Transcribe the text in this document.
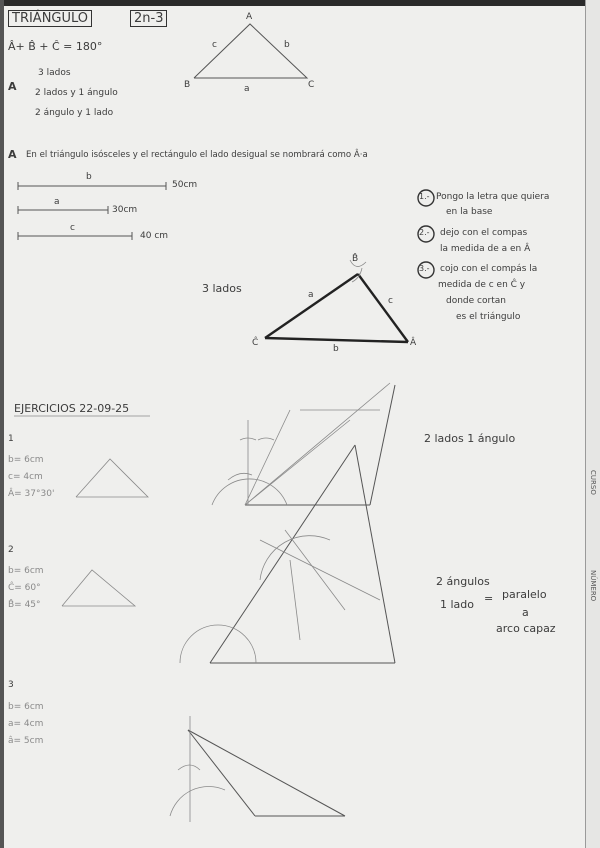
CURSO
NÚMERO
TRIÁNGULO	2n-3
Â+ B̂ + Ĉ = 180°
A
3 lados
2 lados y 1 ángulo
2 ángulo y 1 lado
A
B	C
a
b
c
A En el triángulo isósceles y el rectángulo el lado desigual se nombrará como Â·a
b
50cm
a
30cm
c
40 cm
1.- Pongo la letra que quiera
en la base
2.- dejo con el compas
la medida de a en Â
3.- cojo con el compás la
medida de c en Ĉ y
donde cortan
es el triángulo
3 lados
B̂
Ĉ	Â
a
b
c
EJERCICIOS 22-09-25
1
b= 6cm
c= 4cm
Â= 37°30'
2 lados 1 ángulo
2
b= 6cm
Ĉ= 60°
B̂= 45°
2 ángulos
1 lado = paralelo
a
arco capaz
3
b= 6cm
a= 4cm
â= 5cm
